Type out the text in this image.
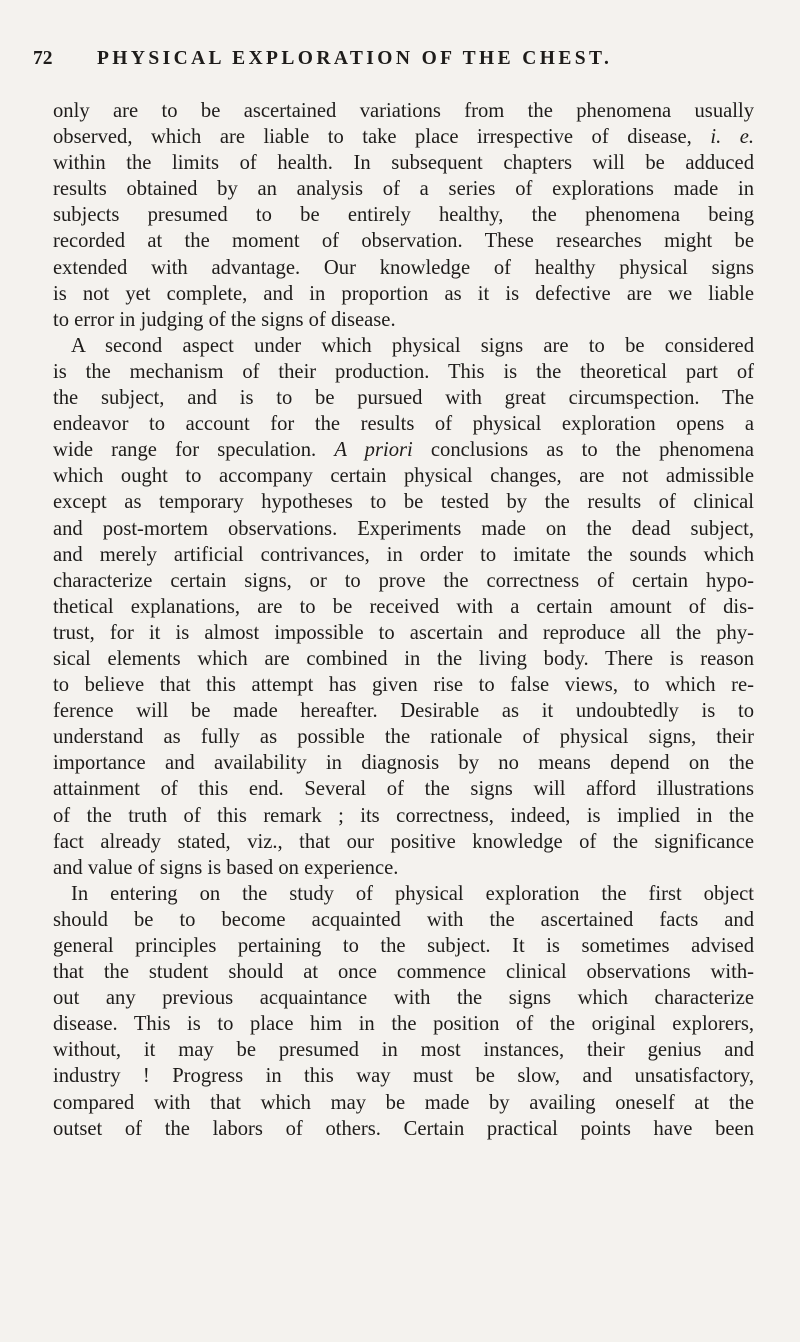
72 PHYSICAL EXPLORATION OF THE CHEST.

only are to be ascertained variations from the phenomena usually
observed, which are liable to take place irrespective of disease, i. e.
within the limits of health. In subsequent chapters will be adduced
results obtained by an analysis of a series of explorations made in
subjects presumed to be entirely healthy, the phenomena being
recorded at the moment of observation. These researches might be
extended with advantage. Our knowledge of healthy physical signs
is not yet complete, and in proportion as it is defective are we liable
to error in judging of the signs of disease.

A second aspect under which physical signs are to be considered
is the mechanism of their production. This is the theoretical part of
the subject, and is to be pursued with great circumspection. The
endeavor to account for the results of physical exploration opens a
wide range for speculation. A priori conclusions as to the phenomena
which ought to accompany certain physical changes, are not admissible
except as temporary hypotheses to be tested by the results of clinical
and post-mortem observations. Experiments made on the dead subject,
and merely artificial contrivances, in order to imitate the sounds which
characterize certain signs, or to prove the correctness of certain hypo-
thetical explanations, are to be received with a certain amount of dis-
trust, for it is almost impossible to ascertain and reproduce all the phy-
sical elements which are combined in the living body. There is reason
to believe that this attempt has given rise to false views, to which re-
ference will be made hereafter. Desirable as it undoubtedly is to
understand as fully as possible the rationale of physical signs, their
importance and availability in diagnosis by no means depend on the
attainment of this end. Several of the signs will afford illustrations
of the truth of this remark ; its correctness, indeed, is implied in the
fact already stated, viz., that our positive knowledge of the significance
and value of signs is based on experience.

In entering on the study of physical exploration the first object
should be to become acquainted with the ascertained facts and
general principles pertaining to the subject. It is sometimes advised
that the student should at once commence clinical observations with-
out any previous acquaintance with the signs which characterize
disease. This is to place him in the position of the original explorers,
without, it may be presumed in most instances, their genius and
industry ! Progress in this way must be slow, and unsatisfactory,
compared with that which may be made by availing oneself at the
outset of the labors of others. Certain practical points have been
